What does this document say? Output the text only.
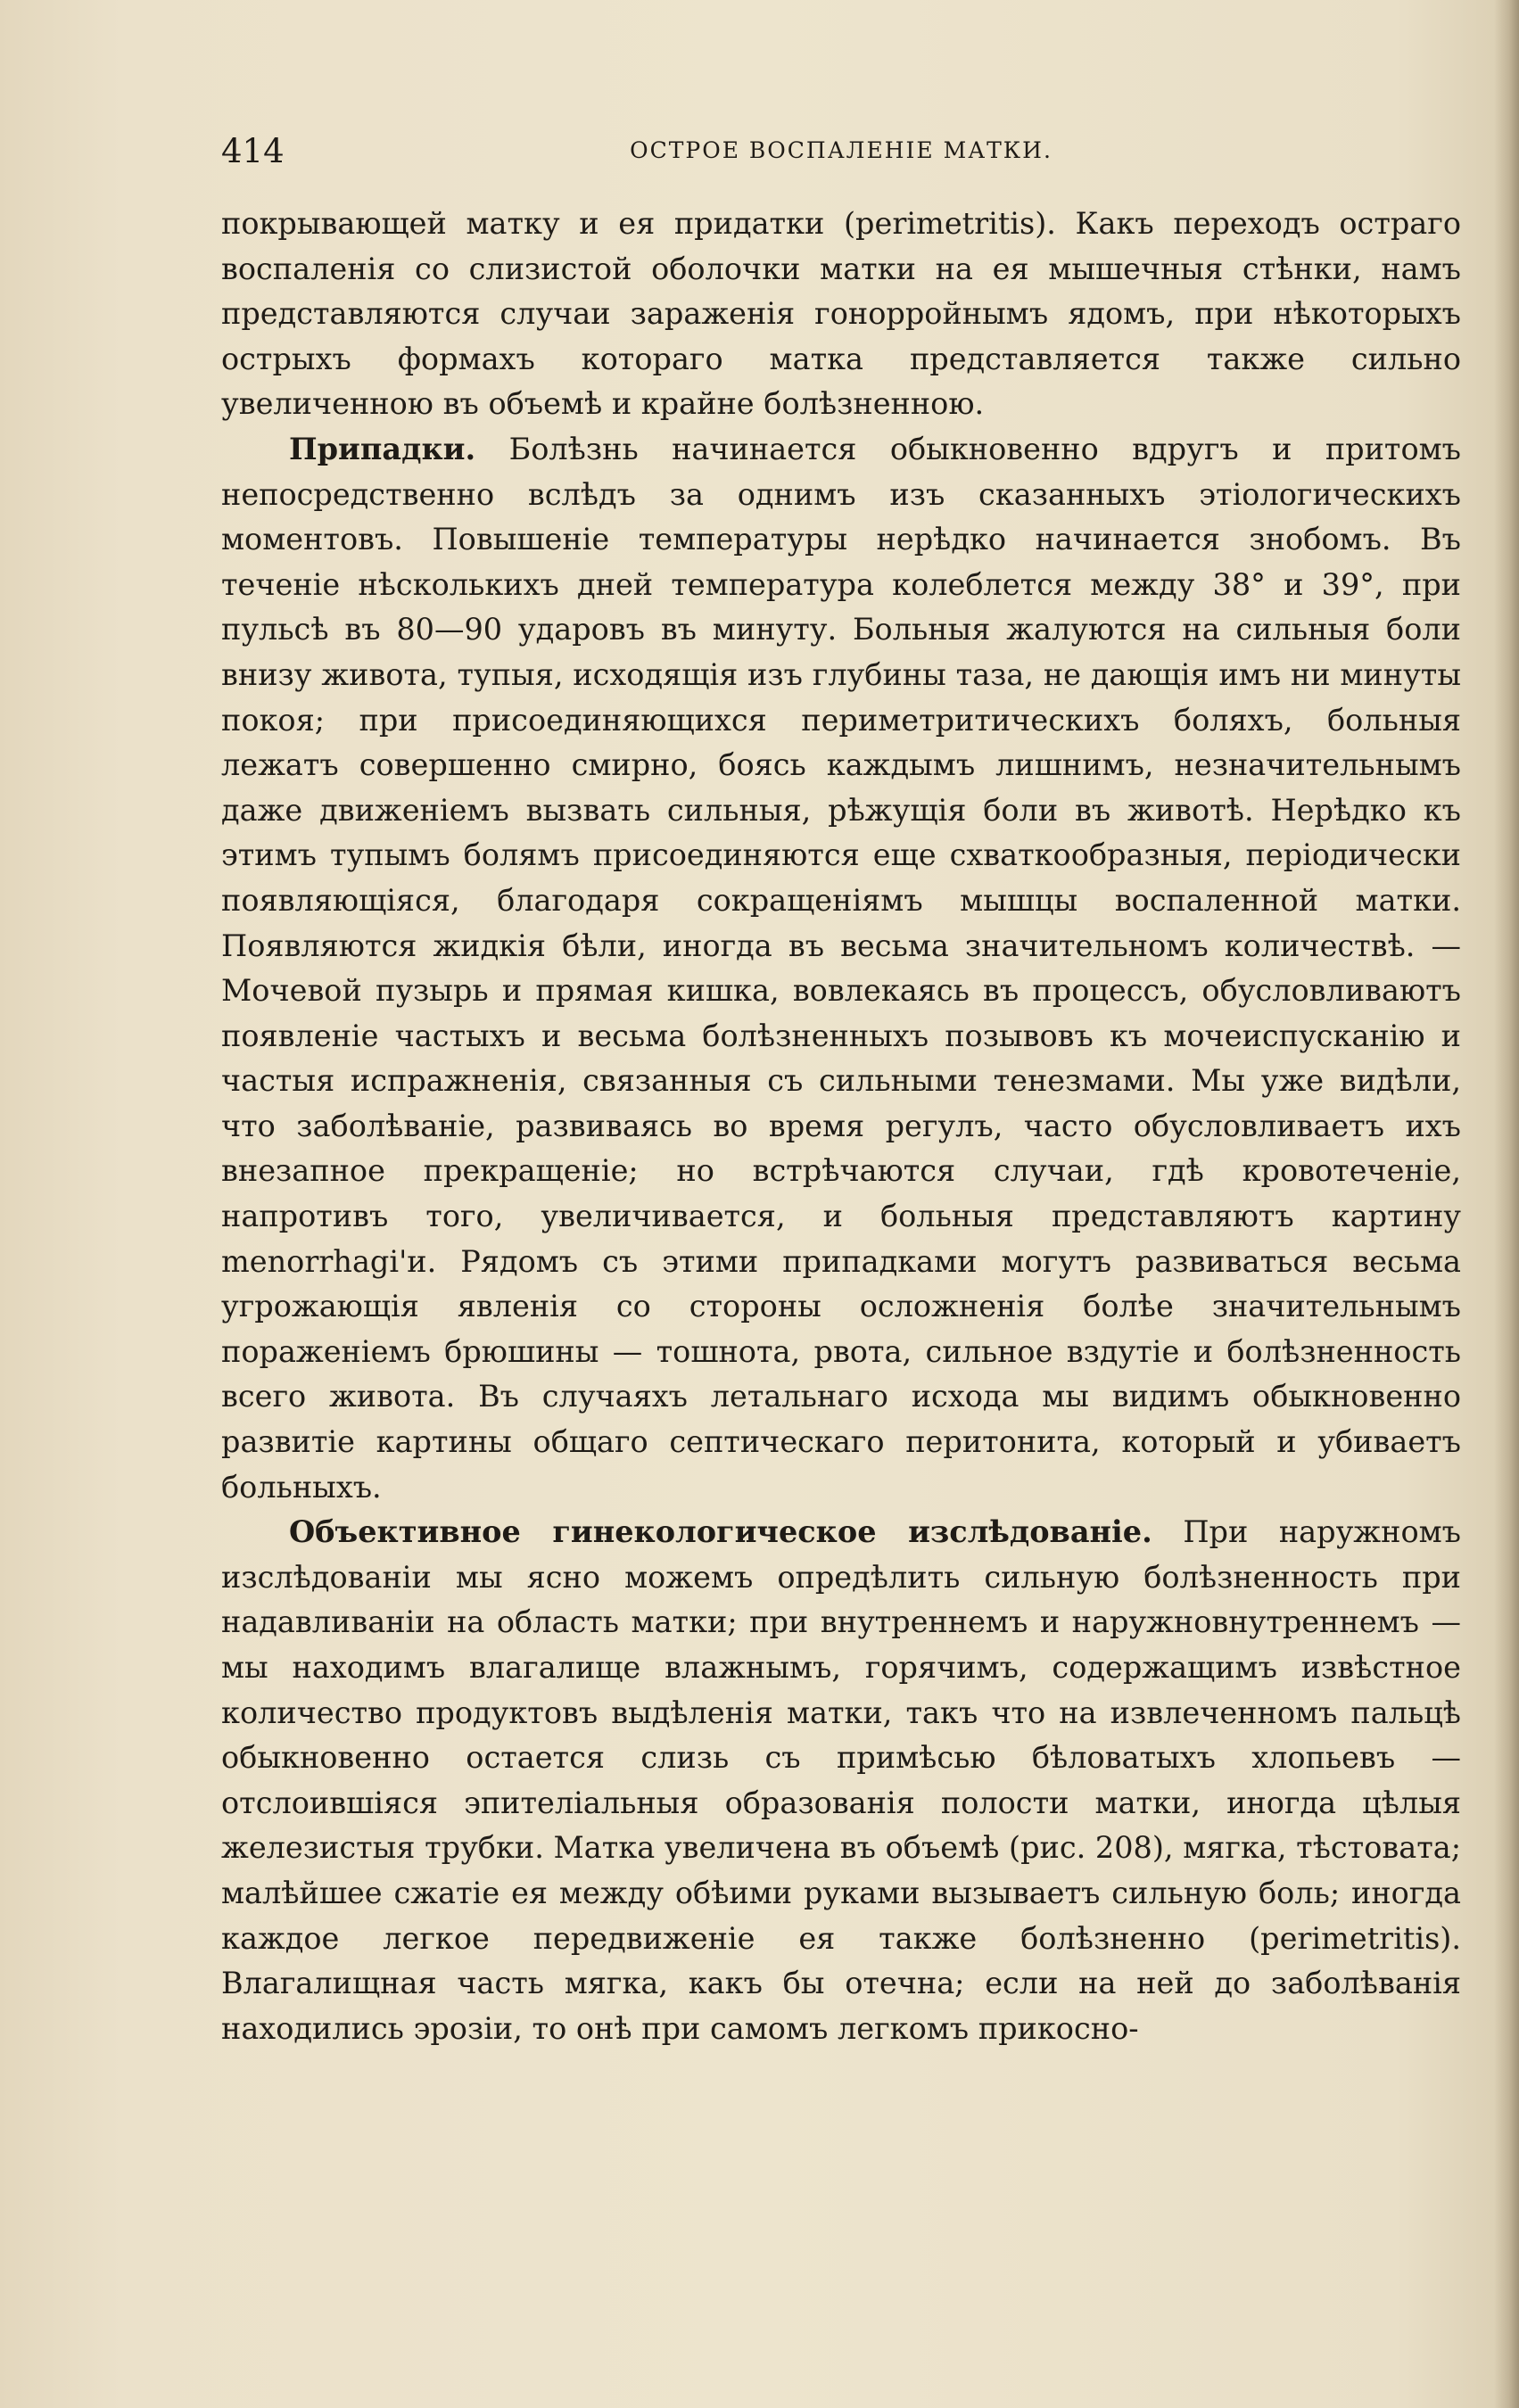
414	ОСТРОЕ ВОСПАЛЕНІЕ МАТКИ.

покрывающей матку и ея придатки (perimetritis). Какъ переходъ остраго воспаленія со слизистой оболочки матки на ея мышечныя стѣнки, намъ представляются случаи зараженія гонорройнымъ ядомъ, при нѣкоторыхъ острыхъ формахъ котораго матка представляется также сильно увеличенною въ объемѣ и крайне болѣзненною.

Припадки. Болѣзнь начинается обыкновенно вдругъ и притомъ непосредственно вслѣдъ за однимъ изъ сказанныхъ этіологическихъ моментовъ. Повышеніе температуры нерѣдко начинается знобомъ. Въ теченіе нѣсколькихъ дней температура колеблется между 38° и 39°, при пульсѣ въ 80—90 ударовъ въ минуту. Больныя жалуются на сильныя боли внизу живота, тупыя, исходящія изъ глубины таза, не дающія имъ ни минуты покоя; при присоединяющихся периметритическихъ боляхъ, больныя лежатъ совершенно смирно, боясь каждымъ лишнимъ, незначительнымъ даже движеніемъ вызвать сильныя, рѣжущія боли въ животѣ. Нерѣдко къ этимъ тупымъ болямъ присоединяются еще схваткообразныя, періодически появляющіяся, благодаря сокращеніямъ мышцы воспаленной матки. Появляются жидкія бѣли, иногда въ весьма значительномъ количествѣ. — Мочевой пузырь и прямая кишка, вовлекаясь въ процессъ, обусловливаютъ появленіе частыхъ и весьма болѣзненныхъ позывовъ къ мочеиспусканію и частыя испражненія, связанныя съ сильными тенезмами. Мы уже видѣли, что заболѣваніе, развиваясь во время регулъ, часто обусловливаетъ ихъ внезапное прекращеніе; но встрѣчаются случаи, гдѣ кровотеченіе, напротивъ того, увеличивается, и больныя представляютъ картину menorrhagi'и. Рядомъ съ этими припадками могутъ развиваться весьма угрожающія явленія со стороны осложненія болѣе значительнымъ пораженіемъ брюшины — тошнота, рвота, сильное вздутіе и болѣзненность всего живота. Въ случаяхъ летальнаго исхода мы видимъ обыкновенно развитіе картины общаго септическаго перитонита, который и убиваетъ больныхъ.

Объективное гинекологическое изслѣдованіе. При наружномъ изслѣдованіи мы ясно можемъ опредѣлить сильную болѣзненность при надавливаніи на область матки; при внутреннемъ и наружновнутреннемъ — мы находимъ влагалище влажнымъ, горячимъ, содержащимъ извѣстное количество продуктовъ выдѣленія матки, такъ что на извлеченномъ пальцѣ обыкновенно остается слизь съ примѣсью бѣловатыхъ хлопьевъ — отслоившіяся эпителіальныя образованія полости матки, иногда цѣлыя железистыя трубки. Матка увеличена въ объемѣ (рис. 208), мягка, тѣстовата; малѣйшее сжатіе ея между обѣими руками вызываетъ сильную боль; иногда каждое легкое передвиженіе ея также болѣзненно (perimetritis). Влагалищная часть мягка, какъ бы отечна; если на ней до заболѣванія находились эрозіи, то онѣ при самомъ легкомъ прикосно-
